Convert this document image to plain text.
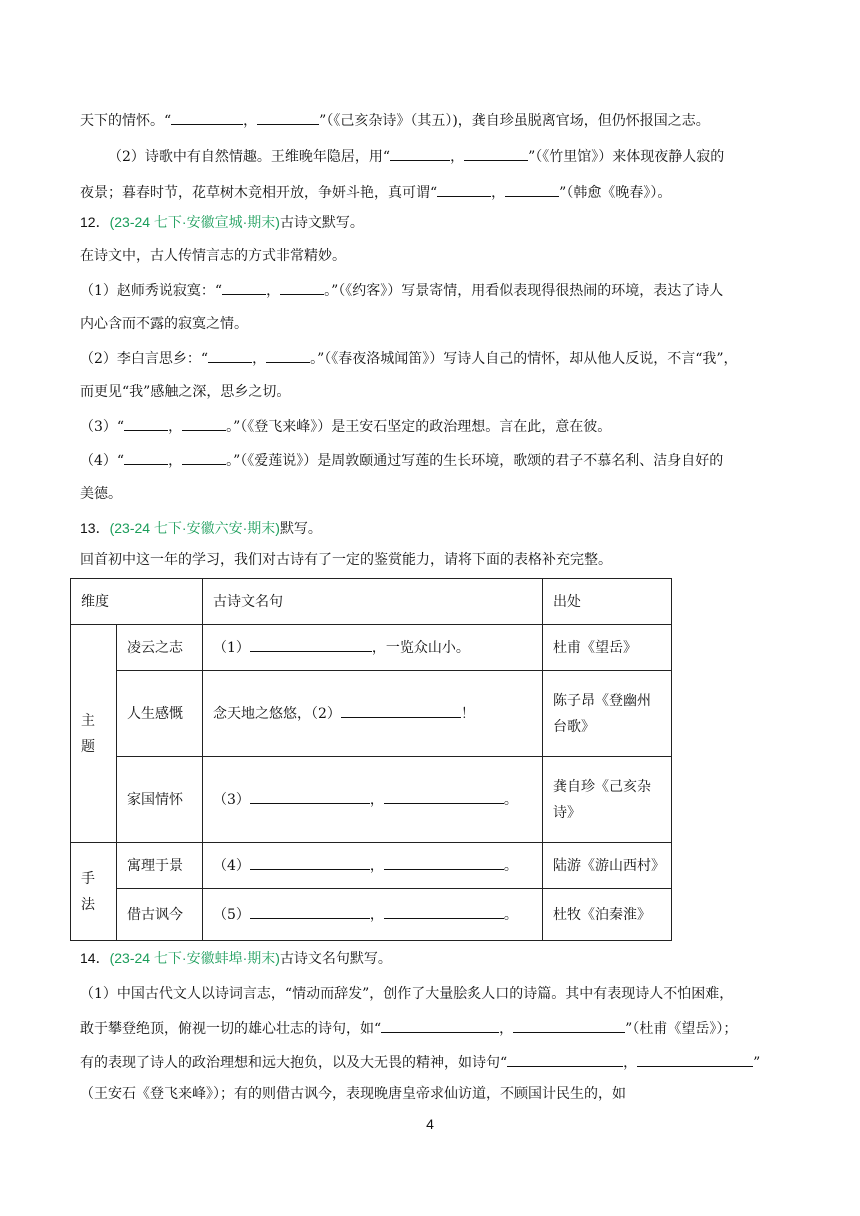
天下的情怀。“	，	”（《己亥杂诗》（其五）)，龚自珍虽脱离官场，但仍怀报国之志。
（2）诗歌中有自然情趣。王维晚年隐居，用“	，	”（《竹里馆》）来体现夜静人寂的
夜景；暮春时节，花草树木竞相开放，争妍斗艳，真可谓“	，	”（韩愈《晚春》）。
12．(23-24 七下·安徽宣城·期末)古诗文默写。
在诗文中，古人传情言志的方式非常精妙。
（1）赵师秀说寂寞：“	，	。”（《约客》）写景寄情，用看似表现得很热闹的环境，表达了诗人
内心含而不露的寂寞之情。
（2）李白言思乡：“	，	。”（《春夜洛城闻笛》）写诗人自己的情怀，却从他人反说，不言“我”，
而更见“我”感触之深，思乡之切。
（3）“	，	。”（《登飞来峰》）是王安石坚定的政治理想。言在此，意在彼。
（4）“	，	。”（《爱莲说》）是周敦颐通过写莲的生长环境，歌颂的君子不慕名利、洁身自好的
美德。
13．(23-24 七下·安徽六安·期末)默写。
回首初中这一年的学习，我们对古诗有了一定的鉴赏能力，请将下面的表格补充完整。
维度		古诗文名句	出处
主题	凌云之志	（1） ，一览众山小。	杜甫《望岳》
	人生感慨	念天地之悠悠，（2） ！	陈子昂《登幽州台歌》
	家国情怀	（3） ， 。	龚自珍《己亥杂诗》
手法	寓理于景	（4） ， 。	陆游《游山西村》
	借古讽今	（5） ， 。	杜牧《泊秦淮》
14．(23-24 七下·安徽蚌埠·期末)古诗文名句默写。
（1）中国古代文人以诗词言志，“情动而辞发”，创作了大量脍炙人口的诗篇。其中有表现诗人不怕困难，
敢于攀登绝顶，俯视一切的雄心壮志的诗句，如“	，	”（杜甫《望岳》）；
有的表现了诗人的政治理想和远大抱负，以及大无畏的精神，如诗句“	，	”
（王安石《登飞来峰》）；有的则借古讽今，表现晚唐皇帝求仙访道，不顾国计民生的，如
4
